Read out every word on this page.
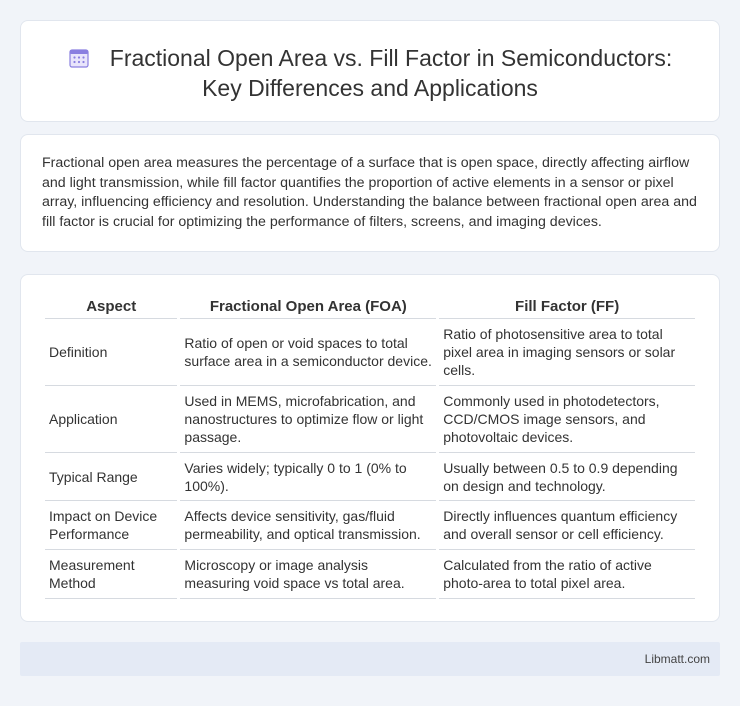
Fractional Open Area vs. Fill Factor in Semiconductors:
Key Differences and Applications

Fractional open area measures the percentage of a surface that is open space, directly affecting airflow and light transmission, while fill factor quantifies the proportion of active elements in a sensor or pixel array, influencing efficiency and resolution. Understanding the balance between fractional open area and fill factor is crucial for optimizing the performance of filters, screens, and imaging devices.

Aspect	Fractional Open Area (FOA)	Fill Factor (FF)
Definition	Ratio of open or void spaces to total surface area in a semiconductor device.	Ratio of photosensitive area to total pixel area in imaging sensors or solar cells.
Application	Used in MEMS, microfabrication, and nanostructures to optimize flow or light passage.	Commonly used in photodetectors, CCD/CMOS image sensors, and photovoltaic devices.
Typical Range	Varies widely; typically 0 to 1 (0% to 100%).	Usually between 0.5 to 0.9 depending on design and technology.
Impact on Device Performance	Affects device sensitivity, gas/fluid permeability, and optical transmission.	Directly influences quantum efficiency and overall sensor or cell efficiency.
Measurement Method	Microscopy or image analysis measuring void space vs total area.	Calculated from the ratio of active photo-area to total pixel area.
Libmatt.com
